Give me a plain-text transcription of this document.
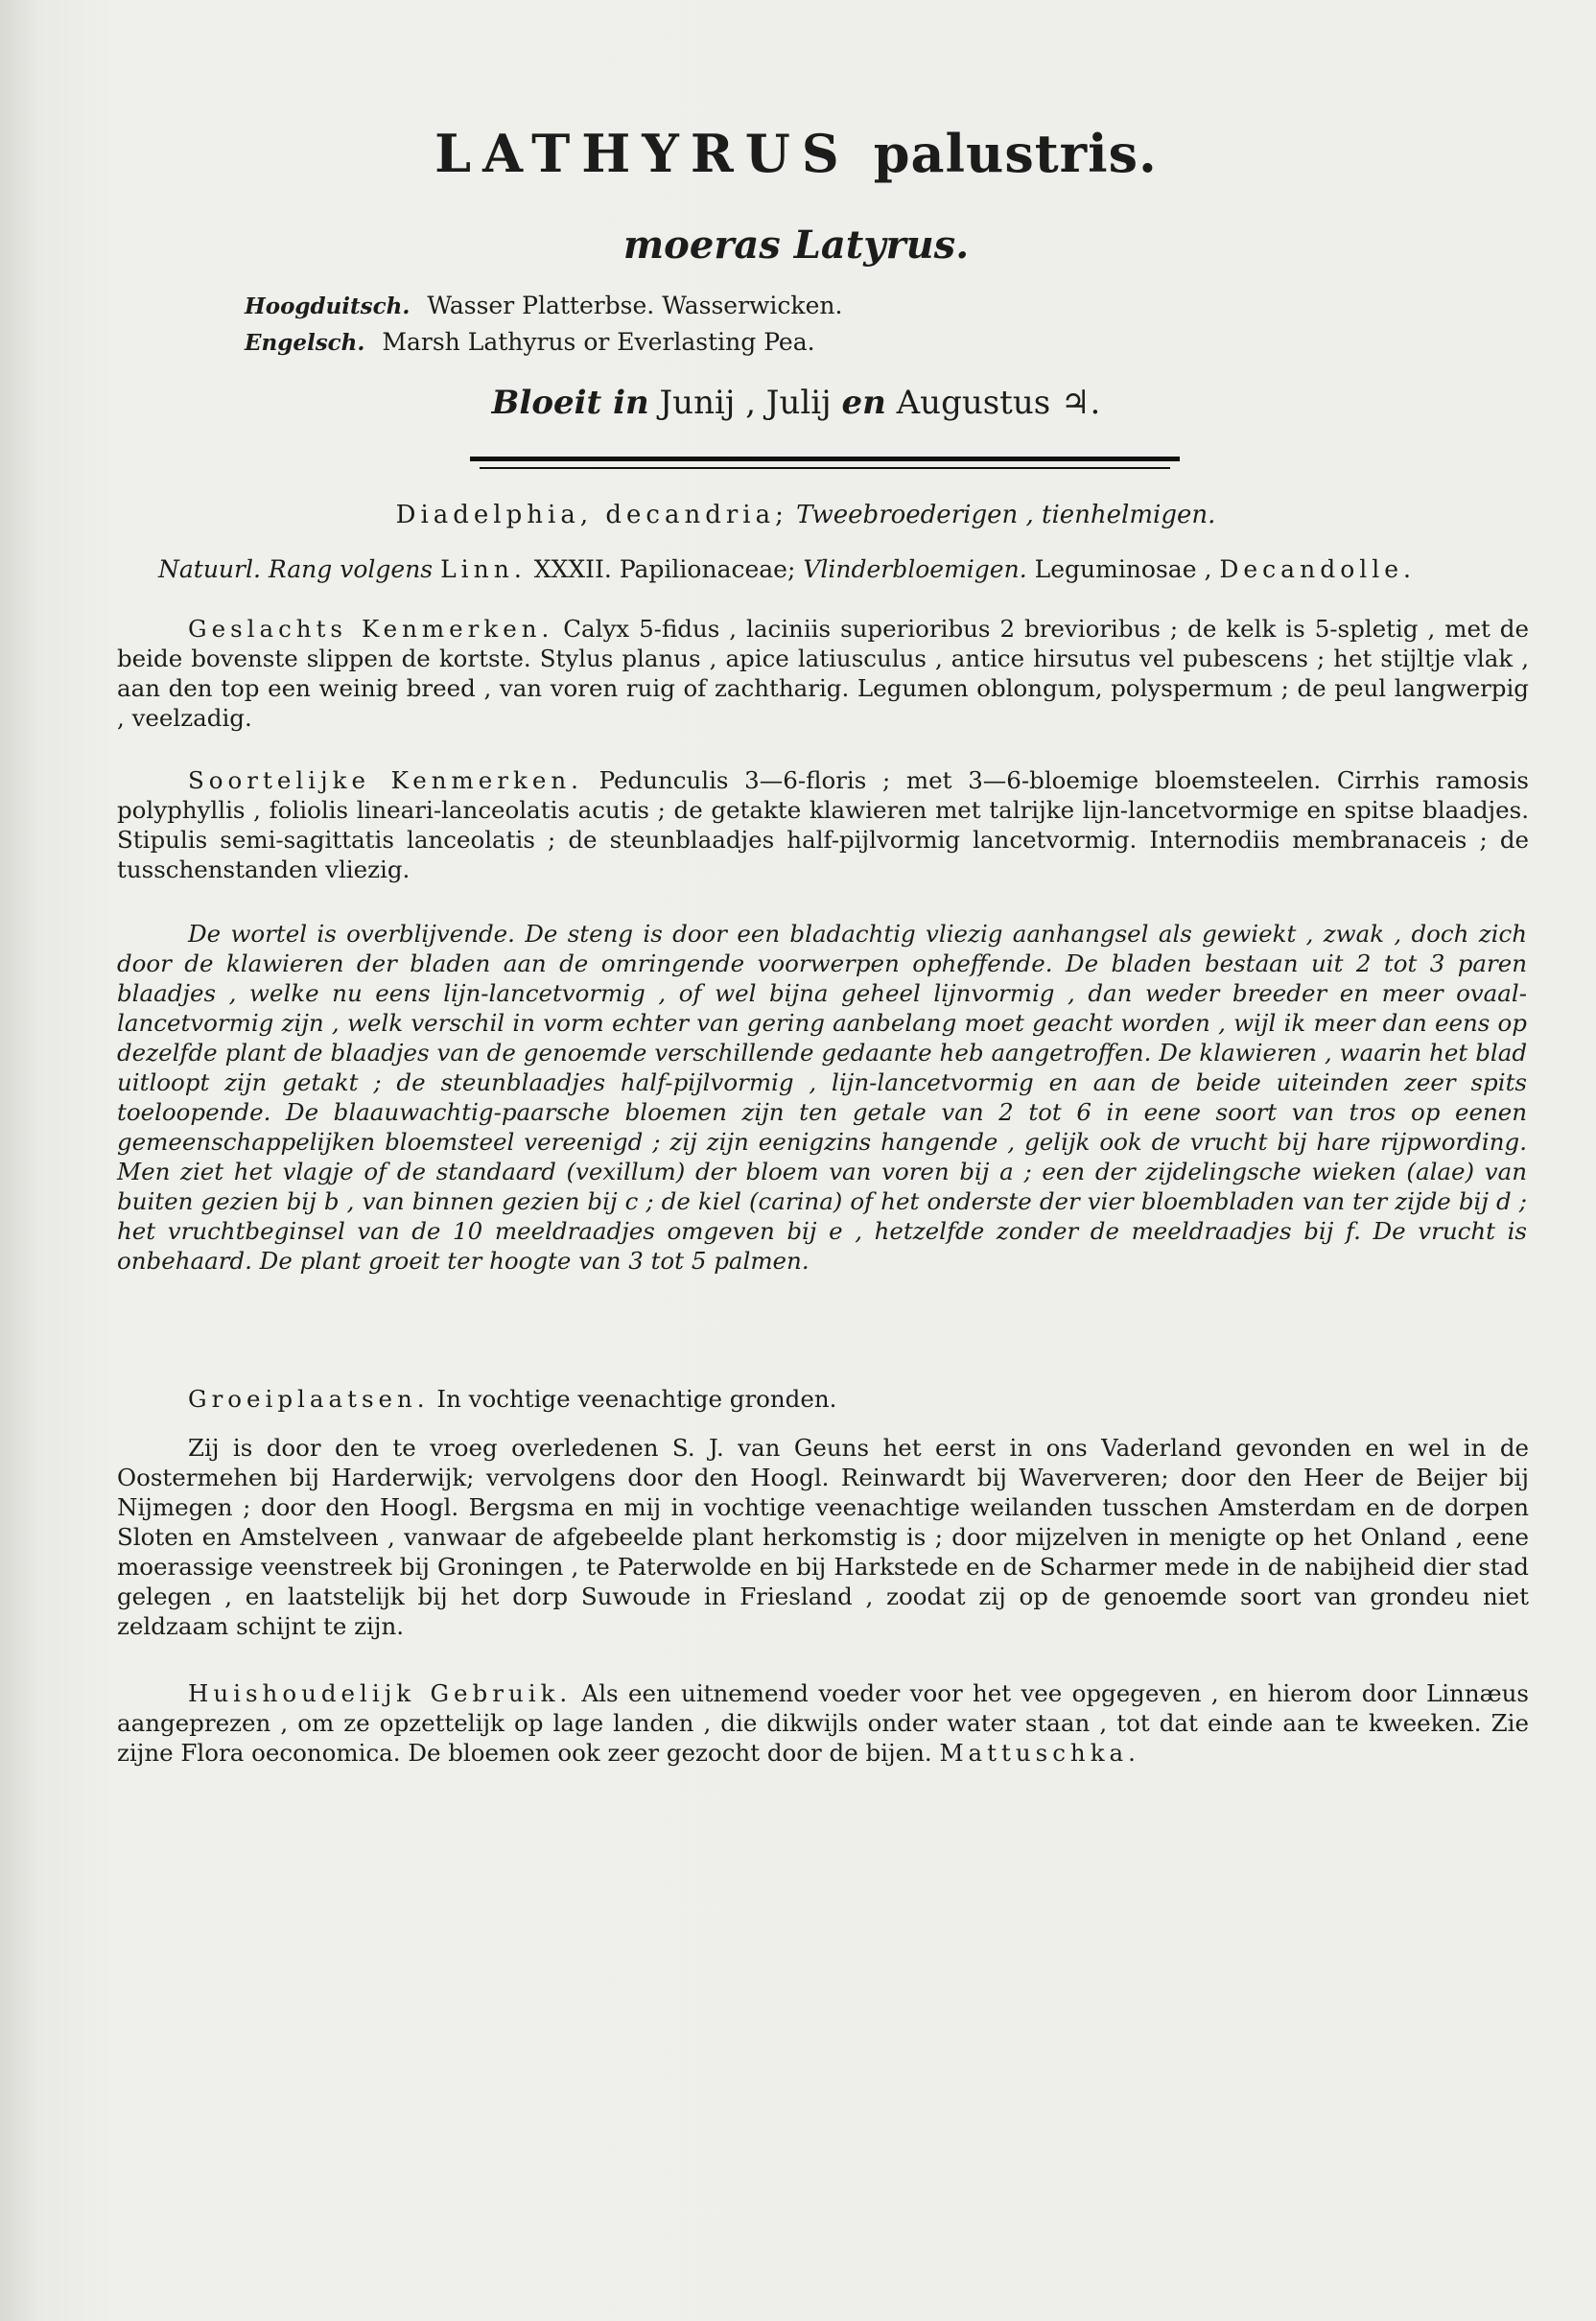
LATHYRUS palustris.
moeras Latyrus.
Hoogduitsch. Wasser Platterbse. Wasserwicken.
Engelsch. Marsh Lathyrus or Everlasting Pea.
Bloeit in Junij , Julij en Augustus ♃.
Diadelphia, decandria; Tweebroederigen , tienhelmigen.
Natuurl. Rang volgens Linn. XXXII. Papilionaceae; Vlinderbloemigen. Leguminosae , Decandolle.
Geslachts Kenmerken. Calyx 5-fidus , laciniis superioribus 2 brevioribus ; de kelk is 5-spletig , met de beide bovenste slippen de kortste. Stylus planus , apice latiusculus , antice hirsutus vel pubescens ; het stijltje vlak , aan den top een weinig breed , van voren ruig of zachtharig. Legumen oblongum, polyspermum ; de peul langwerpig , veelzadig.
Soortelijke Kenmerken. Pedunculis 3—6-floris ; met 3—6-bloemige bloemsteelen. Cirrhis ramosis polyphyllis , foliolis lineari-lanceolatis acutis ; de getakte klawieren met talrijke lijn-lancetvormige en spitse blaadjes. Stipulis semi-sagittatis lanceolatis ; de steunblaadjes half-pijlvormig lancetvormig. Internodiis membranaceis ; de tusschenstanden vliezig.
De wortel is overblijvende. De steng is door een bladachtig vliezig aanhangsel als gewiekt , zwak , doch zich door de klawieren der bladen aan de omringende voorwerpen opheffende. De bladen bestaan uit 2 tot 3 paren blaadjes , welke nu eens lijn-lancetvormig , of wel bijna geheel lijnvormig , dan weder breeder en meer ovaal-lancetvormig zijn , welk verschil in vorm echter van gering aanbelang moet geacht worden , wijl ik meer dan eens op dezelfde plant de blaadjes van de genoemde verschillende gedaante heb aangetroffen. De klawieren , waarin het blad uitloopt zijn getakt ; de steunblaadjes half-pijlvormig , lijn-lancetvormig en aan de beide uiteinden zeer spits toeloopende. De blaauwachtig-paarsche bloemen zijn ten getale van 2 tot 6 in eene soort van tros op eenen gemeenschappelijken bloemsteel vereenigd ; zij zijn eenigzins hangende , gelijk ook de vrucht bij hare rijpwording. Men ziet het vlagje of de standaard (vexillum) der bloem van voren bij a ; een der zijdelingsche wieken (alae) van buiten gezien bij b , van binnen gezien bij c ; de kiel (carina) of het onderste der vier bloembladen van ter zijde bij d ; het vruchtbeginsel van de 10 meeldraadjes omgeven bij e , hetzelfde zonder de meeldraadjes bij f. De vrucht is onbehaard. De plant groeit ter hoogte van 3 tot 5 palmen.
Groeiplaatsen. In vochtige veenachtige gronden.
Zij is door den te vroeg overledenen S. J. van Geuns het eerst in ons Vaderland gevonden en wel in de Oostermehen bij Harderwijk; vervolgens door den Hoogl. Reinwardt bij Waververen; door den Heer de Beijer bij Nijmegen ; door den Hoogl. Bergsma en mij in vochtige veenachtige weilanden tusschen Amsterdam en de dorpen Sloten en Amstelveen , vanwaar de afgebeelde plant herkomstig is ; door mijzelven in menigte op het Onland , eene moerassige veenstreek bij Groningen , te Paterwolde en bij Harkstede en de Scharmer mede in de nabijheid dier stad gelegen , en laatstelijk bij het dorp Suwoude in Friesland , zoodat zij op de genoemde soort van grondeu niet zeldzaam schijnt te zijn.
Huishoudelijk Gebruik. Als een uitnemend voeder voor het vee opgegeven , en hierom door Linnæus aangeprezen , om ze opzettelijk op lage landen , die dikwijls onder water staan , tot dat einde aan te kweeken. Zie zijne Flora oeconomica. De bloemen ook zeer gezocht door de bijen. Mattuschka.
